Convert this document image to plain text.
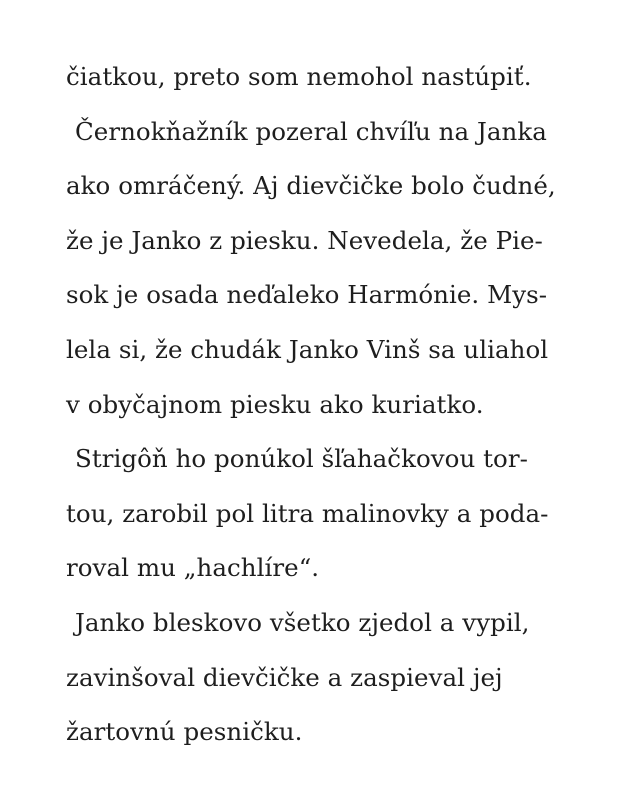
čiatkou, preto som nemohol nastúpiť.
Černokňažník pozeral chvíľu na Janka
ako omráčený. Aj dievčičke bolo čudné,
že je Janko z piesku. Nevedela, že Pie-
sok je osada neďaleko Harmónie. Mys-
lela si, že chudák Janko Vinš sa uliahol
v obyčajnom piesku ako kuriatko.
Strigôň ho ponúkol šľahačkovou tor-
tou, zarobil pol litra malinovky a poda-
roval mu „hachlíre“.
Janko bleskovo všetko zjedol a vypil,
zavinšoval dievčičke a zaspieval jej
žartovnú pesničku.
